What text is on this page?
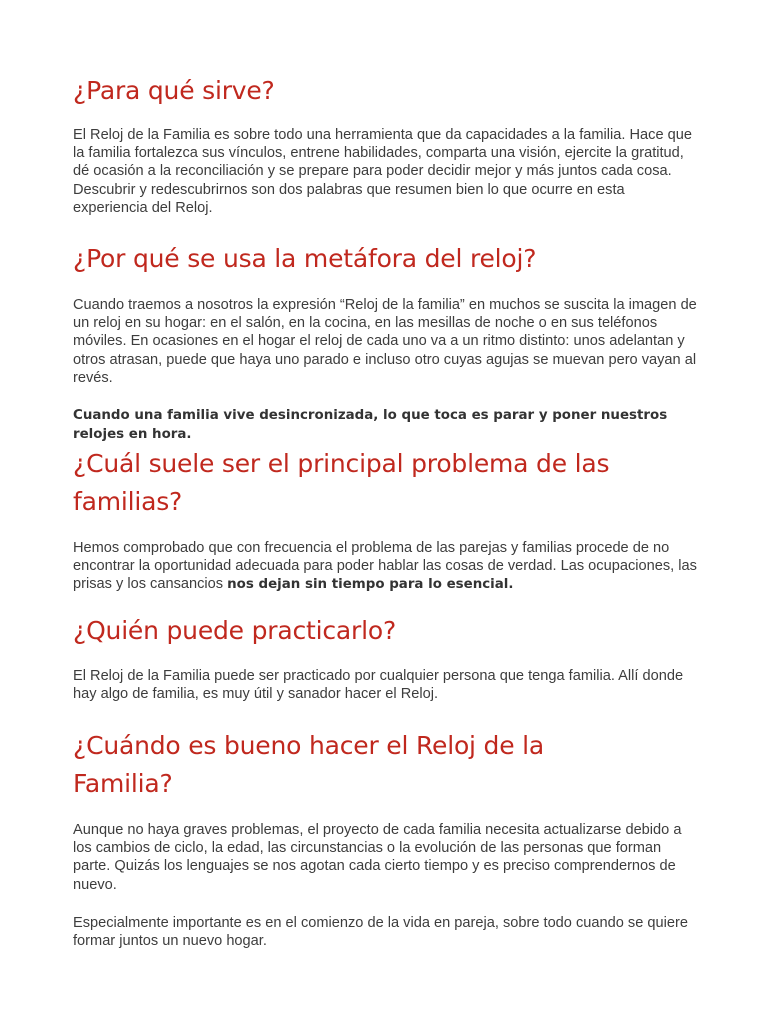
¿Para qué sirve?

El Reloj de la Familia es sobre todo una herramienta que da capacidades a la familia. Hace que la familia fortalezca sus vínculos, entrene habilidades, comparta una visión, ejercite la gratitud, dé ocasión a la reconciliación y se prepare para poder decidir mejor y más juntos cada cosa. Descubrir y redescubrirnos son dos palabras que resumen bien lo que ocurre en esta experiencia del Reloj.

¿Por qué se usa la metáfora del reloj?

Cuando traemos a nosotros la expresión “Reloj de la familia” en muchos se suscita la imagen de un reloj en su hogar: en el salón, en la cocina, en las mesillas de noche o en sus teléfonos móviles. En ocasiones en el hogar el reloj de cada uno va a un ritmo distinto: unos adelantan y otros atrasan, puede que haya uno parado e incluso otro cuyas agujas se muevan pero vayan al revés.

Cuando una familia vive desincronizada, lo que toca es parar y poner nuestros relojes en hora.

¿Cuál suele ser el principal problema de las familias?

Hemos comprobado que con frecuencia el problema de las parejas y familias procede de no encontrar la oportunidad adecuada para poder hablar las cosas de verdad. Las ocupaciones, las prisas y los cansancios nos dejan sin tiempo para lo esencial.

¿Quién puede practicarlo?

El Reloj de la Familia puede ser practicado por cualquier persona que tenga familia. Allí donde hay algo de familia, es muy útil y sanador hacer el Reloj.

¿Cuándo es bueno hacer el Reloj de la Familia?

Aunque no haya graves problemas, el proyecto de cada familia necesita actualizarse debido a los cambios de ciclo, la edad, las circunstancias o la evolución de las personas que forman parte. Quizás los lenguajes se nos agotan cada cierto tiempo y es preciso comprendernos de nuevo.

Especialmente importante es en el comienzo de la vida en pareja, sobre todo cuando se quiere formar juntos un nuevo hogar.
